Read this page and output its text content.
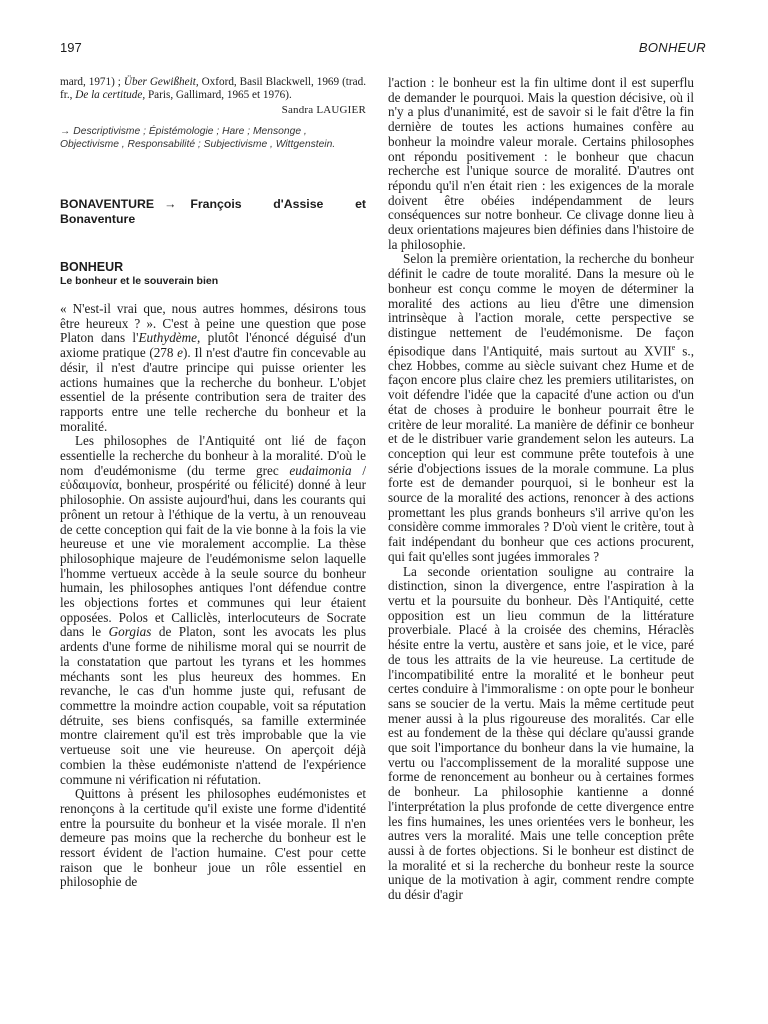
197	BONHEUR

mard, 1971) ; Über Gewißheit, Oxford, Basil Blackwell, 1969 (trad. fr., De la certitude, Paris, Gallimard, 1965 et 1976).

Sandra LAUGIER
→ Descriptivisme ; Épistémologie ; Hare ; Mensonge , Objectivisme , Responsabilité ; Subjectivisme , Wittgenstein.
BONAVENTURE → François	d'Assise	et
Bonaventure
BONHEUR
Le bonheur et le souverain bien

« N'est-il vrai que, nous autres hommes, désirons tous être heureux ? ». C'est à peine une question que pose Platon dans l'Euthydème, plutôt l'énoncé déguisé d'un axiome pratique (278 e). Il n'est d'autre fin concevable au désir, il n'est d'autre principe qui puisse orienter les actions humaines que la recherche du bonheur. L'objet essentiel de la présente contribution sera de traiter des rapports entre une telle recherche du bonheur et la moralité.

Les philosophes de l'Antiquité ont lié de façon essentielle la recherche du bonheur à la moralité. D'où le nom d'eudémonisme (du terme grec eudaimonia / εὐδαιμονία, bonheur, prospérité ou félicité) donné à leur philosophie. On assiste aujourd'hui, dans les courants qui prônent un retour à l'éthique de la vertu, à un renouveau de cette conception qui fait de la vie bonne à la fois la vie heureuse et une vie moralement accomplie. La thèse philosophique majeure de l'eudémonisme selon laquelle l'homme vertueux accède à la seule source du bonheur humain, les philosophes antiques l'ont défendue contre les objections fortes et communes qui leur étaient opposées. Polos et Calliclès, interlocuteurs de Socrate dans le Gorgias de Platon, sont les avocats les plus ardents d'une forme de nihilisme moral qui se nourrit de la constatation que partout les tyrans et les hommes méchants sont les plus heureux des hommes. En revanche, le cas d'un homme juste qui, refusant de commettre la moindre action coupable, voit sa réputation détruite, ses biens confisqués, sa famille exterminée montre clairement qu'il est très improbable que la vie vertueuse soit une vie heureuse. On aperçoit déjà combien la thèse eudémoniste n'attend de l'expérience commune ni vérification ni réfutation.

Quittons à présent les philosophes eudémonistes et renonçons à la certitude qu'il existe une forme d'identité entre la poursuite du bonheur et la visée morale. Il n'en demeure pas moins que la recherche du bonheur est le ressort évident de l'action humaine. C'est pour cette raison que le bonheur joue un rôle essentiel en philosophie de

l'action : le bonheur est la fin ultime dont il est superflu de demander le pourquoi. Mais la question décisive, où il n'y a plus d'unanimité, est de savoir si le fait d'être la fin dernière de toutes les actions humaines confère au bonheur la moindre valeur morale. Certains philosophes ont répondu positivement : le bonheur que chacun recherche est l'unique source de moralité. D'autres ont répondu qu'il n'en était rien : les exigences de la morale doivent être obéies indépendamment de leurs conséquences sur notre bonheur. Ce clivage donne lieu à deux orientations majeures bien définies dans l'histoire de la philosophie.

Selon la première orientation, la recherche du bonheur définit le cadre de toute moralité. Dans la mesure où le bonheur est conçu comme le moyen de déterminer la moralité des actions au lieu d'être une dimension intrinsèque à l'action morale, cette perspective se distingue nettement de l'eudémonisme. De façon épisodique dans l'Antiquité, mais surtout au XVIIe s., chez Hobbes, comme au siècle suivant chez Hume et de façon encore plus claire chez les premiers utilitaristes, on voit défendre l'idée que la capacité d'une action ou d'un état de choses à produire le bonheur pourrait être le critère de leur moralité. La manière de définir ce bonheur et de le distribuer varie grandement selon les auteurs. La conception qui leur est commune prête toutefois à une série d'objections issues de la morale commune. La plus forte est de demander pourquoi, si le bonheur est la source de la moralité des actions, renoncer à des actions promettant les plus grands bonheurs s'il arrive qu'on les considère comme immorales ? D'où vient le critère, tout à fait indépendant du bonheur que ces actions procurent, qui fait qu'elles sont jugées immorales ?

La seconde orientation souligne au contraire la distinction, sinon la divergence, entre l'aspiration à la vertu et la poursuite du bonheur. Dès l'Antiquité, cette opposition est un lieu commun de la littérature proverbiale. Placé à la croisée des chemins, Héraclès hésite entre la vertu, austère et sans joie, et le vice, paré de tous les attraits de la vie heureuse. La certitude de l'incompatibilité entre la moralité et le bonheur peut certes conduire à l'immoralisme : on opte pour le bonheur sans se soucier de la vertu. Mais la même certitude peut mener aussi à la plus rigoureuse des moralités. Car elle est au fondement de la thèse qui déclare qu'aussi grande que soit l'importance du bonheur dans la vie humaine, la vertu ou l'accomplissement de la moralité suppose une forme de renoncement au bonheur ou à certaines formes de bonheur. La philosophie kantienne a donné l'interprétation la plus profonde de cette divergence entre les fins humaines, les unes orientées vers le bonheur, les autres vers la moralité. Mais une telle conception prête aussi à de fortes objections. Si le bonheur est distinct de la moralité et si la recherche du bonheur reste la source unique de la motivation à agir, comment rendre compte du désir d'agir
